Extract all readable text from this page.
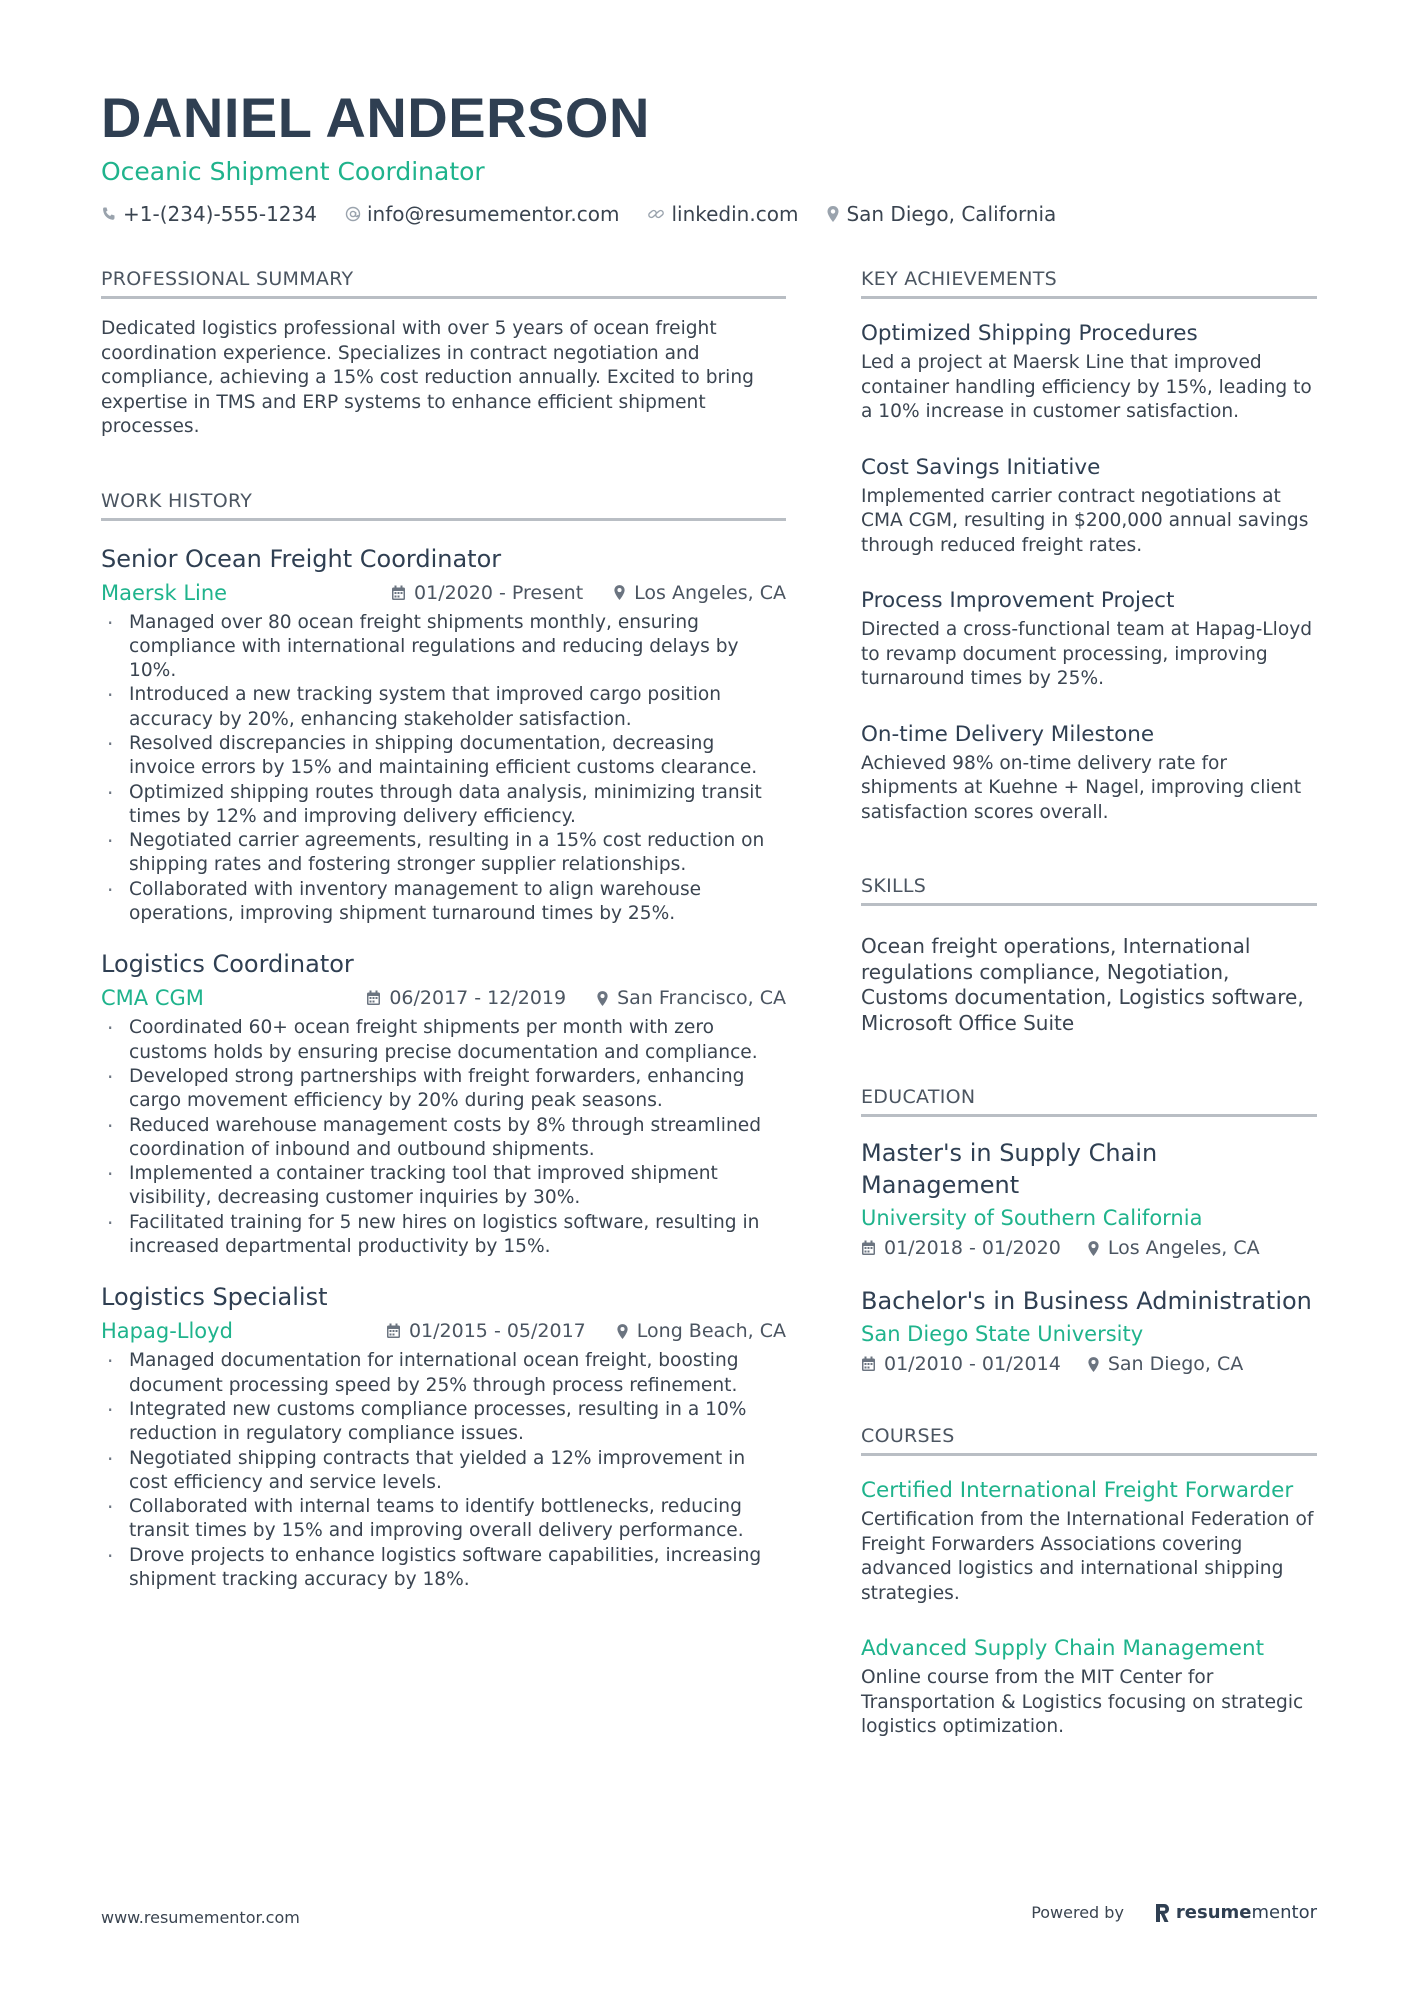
DANIEL ANDERSON
Oceanic Shipment Coordinator
+1-(234)-555-1234	info@resumementor.com	linkedin.com San Diego, California
PROFESSIONAL SUMMARY
Dedicated logistics professional with over 5 years of ocean freight coordination experience. Specializes in contract negotiation and compliance, achieving a 15% cost reduction annually. Excited to bring expertise in TMS and ERP systems to enhance efficient shipment processes.
WORK HISTORY
Senior Ocean Freight Coordinator
Maersk Line	01/2020 - Present	Los Angeles, CA
· Managed over 80 ocean freight shipments monthly, ensuring compliance with international regulations and reducing delays by 10%.
· Introduced a new tracking system that improved cargo position accuracy by 20%, enhancing stakeholder satisfaction.
· Resolved discrepancies in shipping documentation, decreasing invoice errors by 15% and maintaining efficient customs clearance.
· Optimized shipping routes through data analysis, minimizing transit times by 12% and improving delivery efficiency.
· Negotiated carrier agreements, resulting in a 15% cost reduction on shipping rates and fostering stronger supplier relationships.
· Collaborated with inventory management to align warehouse operations, improving shipment turnaround times by 25%.
Logistics Coordinator
CMA CGM	06/2017 - 12/2019	San Francisco, CA
· Coordinated 60+ ocean freight shipments per month with zero customs holds by ensuring precise documentation and compliance.
· Developed strong partnerships with freight forwarders, enhancing cargo movement efficiency by 20% during peak seasons.
· Reduced warehouse management costs by 8% through streamlined coordination of inbound and outbound shipments.
· Implemented a container tracking tool that improved shipment visibility, decreasing customer inquiries by 30%.
· Facilitated training for 5 new hires on logistics software, resulting in increased departmental productivity by 15%.
Logistics Specialist
Hapag-Lloyd	01/2015 - 05/2017	Long Beach, CA
· Managed documentation for international ocean freight, boosting document processing speed by 25% through process refinement.
· Integrated new customs compliance processes, resulting in a 10% reduction in regulatory compliance issues.
· Negotiated shipping contracts that yielded a 12% improvement in cost efficiency and service levels.
· Collaborated with internal teams to identify bottlenecks, reducing transit times by 15% and improving overall delivery performance.
· Drove projects to enhance logistics software capabilities, increasing shipment tracking accuracy by 18%.
KEY ACHIEVEMENTS
Optimized Shipping Procedures
Led a project at Maersk Line that improved container handling efficiency by 15%, leading to a 10% increase in customer satisfaction.
Cost Savings Initiative
Implemented carrier contract negotiations at CMA CGM, resulting in $200,000 annual savings through reduced freight rates.
Process Improvement Project
Directed a cross-functional team at Hapag-Lloyd to revamp document processing, improving turnaround times by 25%.
On-time Delivery Milestone
Achieved 98% on-time delivery rate for shipments at Kuehne + Nagel, improving client satisfaction scores overall.
SKILLS
Ocean freight operations, International regulations compliance, Negotiation, Customs documentation, Logistics software, Microsoft Office Suite
EDUCATION
Master's in Supply Chain Management
University of Southern California
01/2018 - 01/2020 Los Angeles, CA
Bachelor's in Business Administration
San Diego State University
01/2010 - 01/2014 San Diego, CA
COURSES
Certified International Freight Forwarder
Certification from the International Federation of Freight Forwarders Associations covering advanced logistics and international shipping strategies.
Advanced Supply Chain Management
Online course from the MIT Center for Transportation & Logistics focusing on strategic logistics optimization.
www.resumementor.com	Powered by	resume mentor
